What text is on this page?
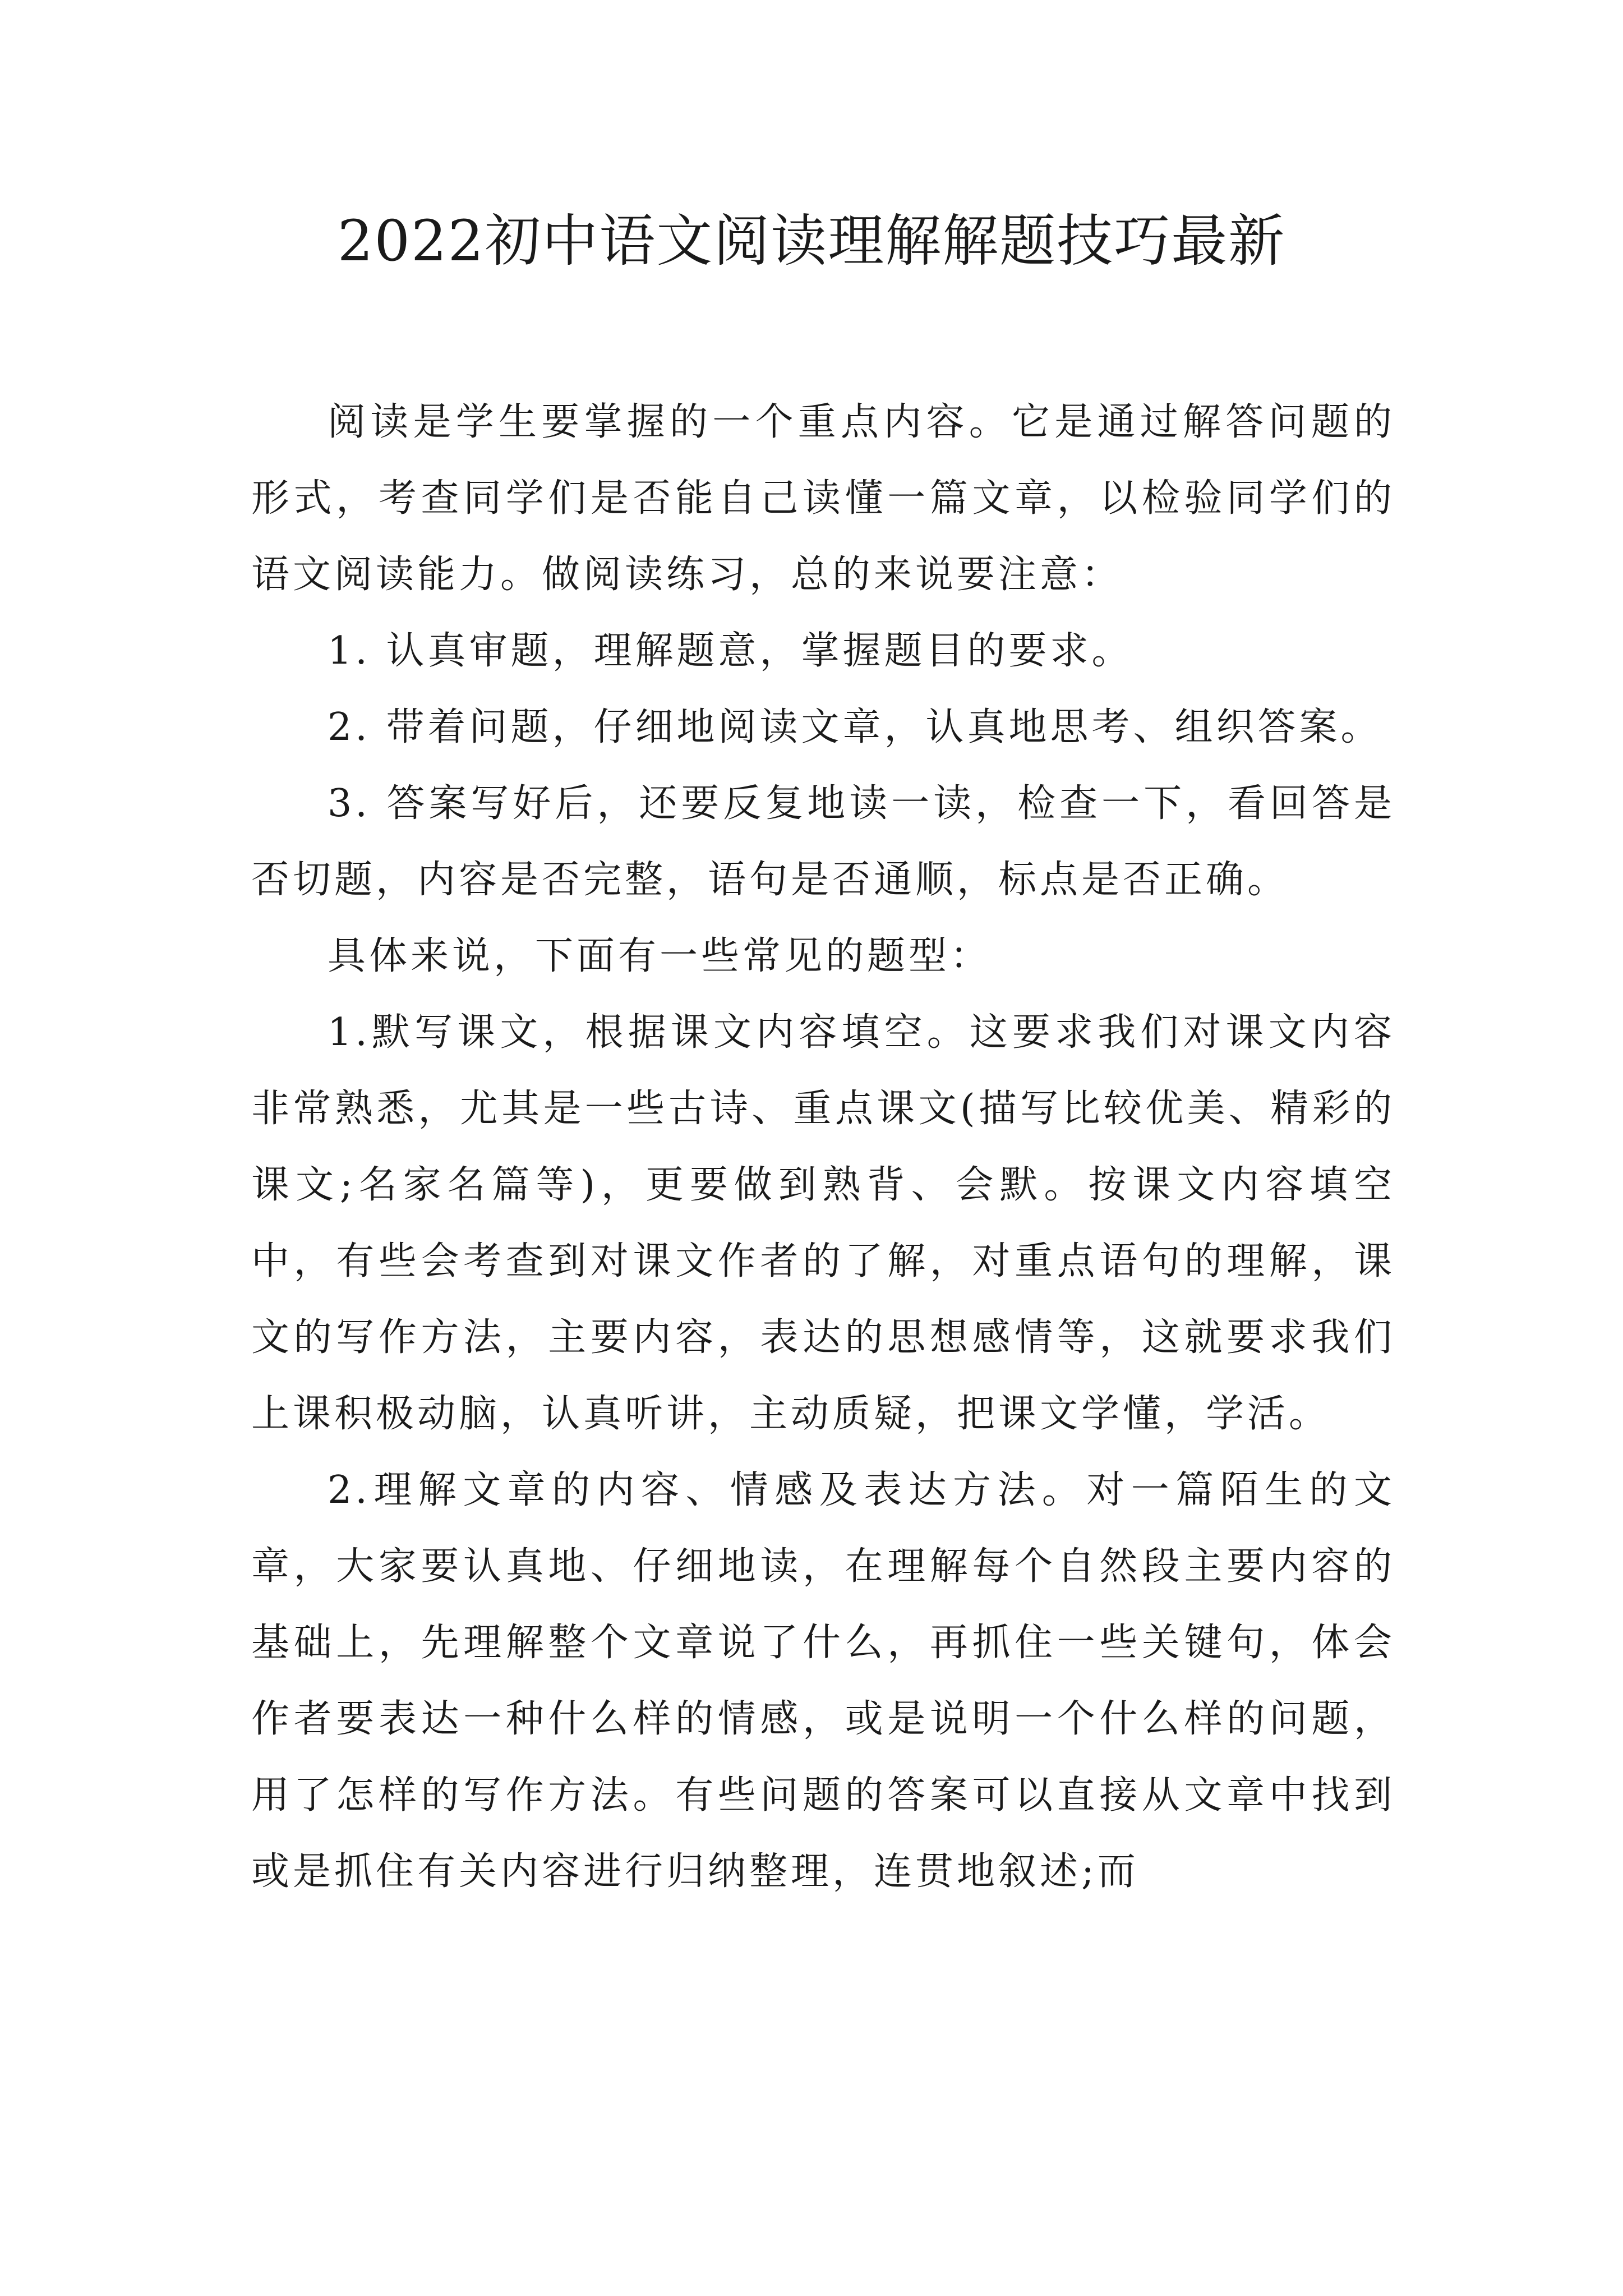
2022初中语文阅读理解解题技巧最新

阅读是学生要掌握的一个重点内容。它是通过解答问题的形式，考查同学们是否能自己读懂一篇文章，以检验同学们的语文阅读能力。做阅读练习，总的来说要注意：

1. 认真审题，理解题意，掌握题目的要求。

2. 带着问题，仔细地阅读文章，认真地思考、组织答案。

3. 答案写好后，还要反复地读一读，检查一下，看回答是否切题，内容是否完整，语句是否通顺，标点是否正确。

具体来说，下面有一些常见的题型：

1.默写课文，根据课文内容填空。这要求我们对课文内容非常熟悉，尤其是一些古诗、重点课文(描写比较优美、精彩的课文;名家名篇等)，更要做到熟背、会默。按课文内容填空中，有些会考查到对课文作者的了解，对重点语句的理解，课文的写作方法，主要内容，表达的思想感情等，这就要求我们上课积极动脑，认真听讲，主动质疑，把课文学懂，学活。

2.理解文章的内容、情感及表达方法。对一篇陌生的文章，大家要认真地、仔细地读，在理解每个自然段主要内容的基础上，先理解整个文章说了什么，再抓住一些关键句，体会作者要表达一种什么样的情感，或是说明一个什么样的问题，用了怎样的写作方法。有些问题的答案可以直接从文章中找到或是抓住有关内容进行归纳整理，连贯地叙述;而
